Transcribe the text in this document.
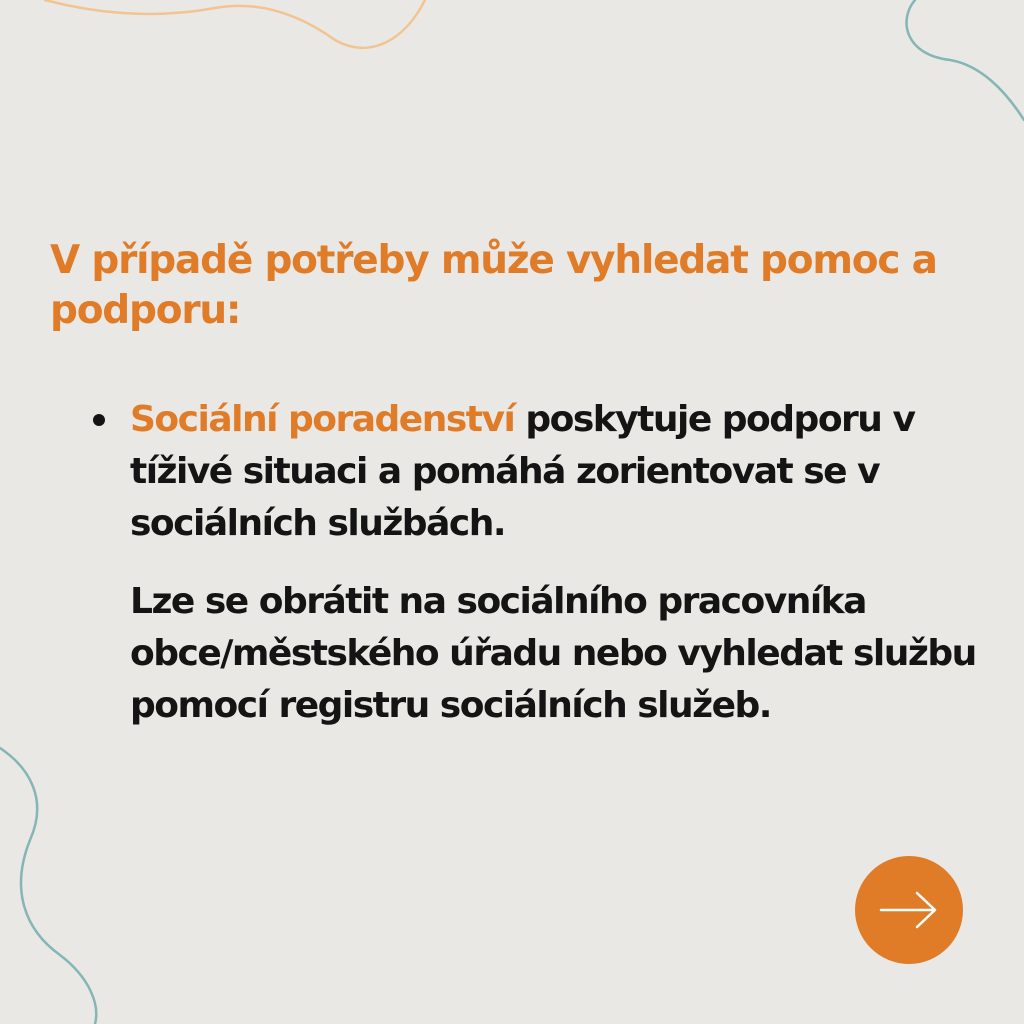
V případě potřeby může vyhledat pomoc a podporu:

Sociální poradenství poskytuje podporu v tíživé situaci a pomáhá zorientovat se v sociálních službách.

Lze se obrátit na sociálního pracovníka obce/městského úřadu nebo vyhledat službu pomocí registru sociálních služeb.
